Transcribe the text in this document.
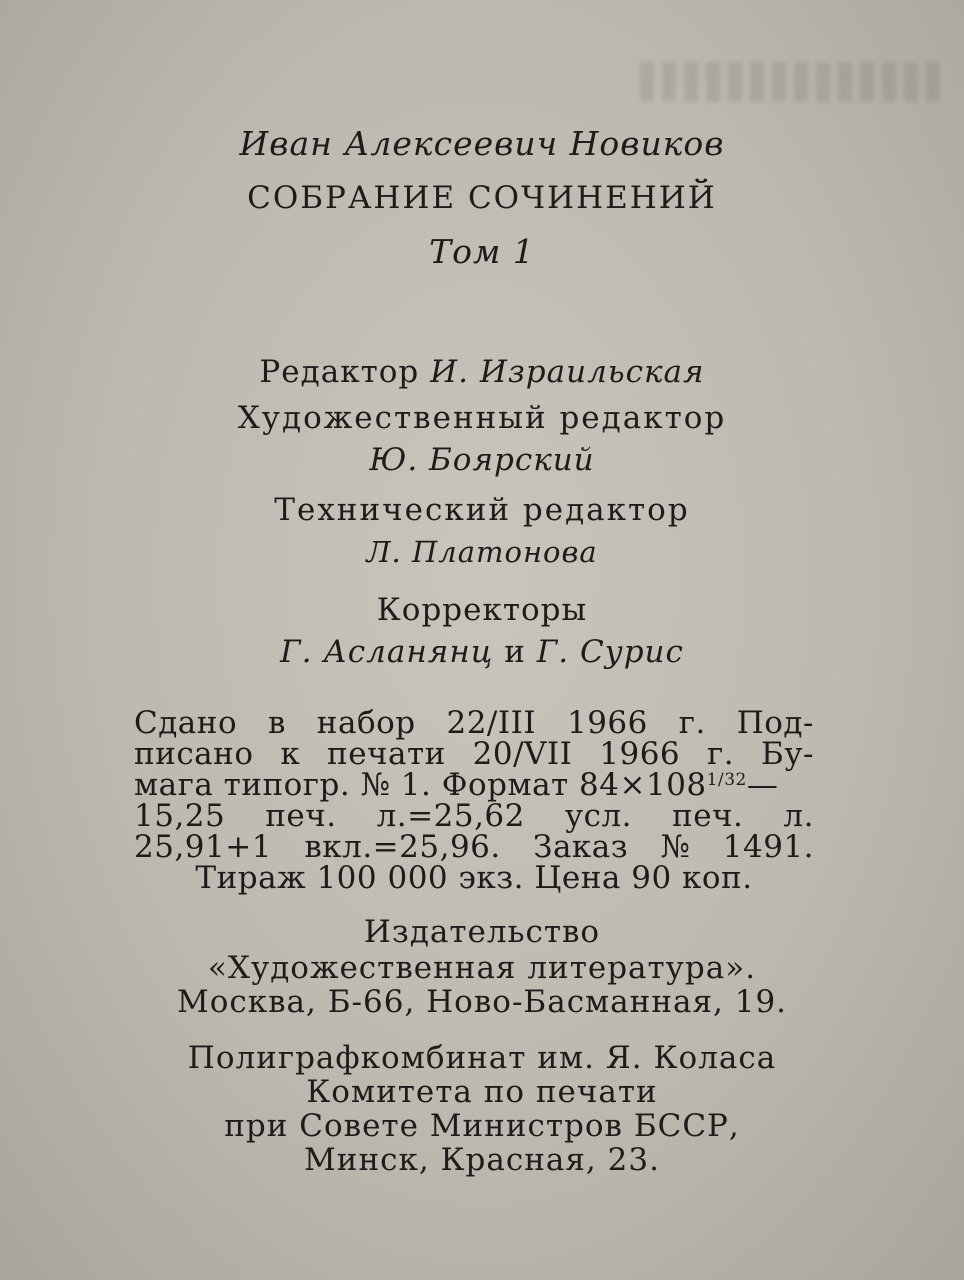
Иван Алексеевич Новиков
СОБРАНИЕ СОЧИНЕНИЙ
Том 1
Редактор И. Израильская
Художественный редактор
Ю. Боярский
Технический редактор
Л. Платонова
Корректоры
Г. Асланянц и Г. Сурис
Сдано в набор 22/III 1966 г. Под-
писано к печати 20/VII 1966 г. Бу-
мага типогр. № 1. Формат $84\times 108^{1/32}—$
15,25 печ. л.=25,62 усл. печ. л.
25,91+1 вкл.=25,96. Заказ № 1491.
Тираж 100 000 экз. Цена 90 коп.
Издательство
«Художественная литература».
Москва, Б-66, Ново-Басманная, 19.
Полиграфкомбинат им. Я. Коласа
Комитета по печати
при Совете Министров БССР,
Минск, Красная, 23.
